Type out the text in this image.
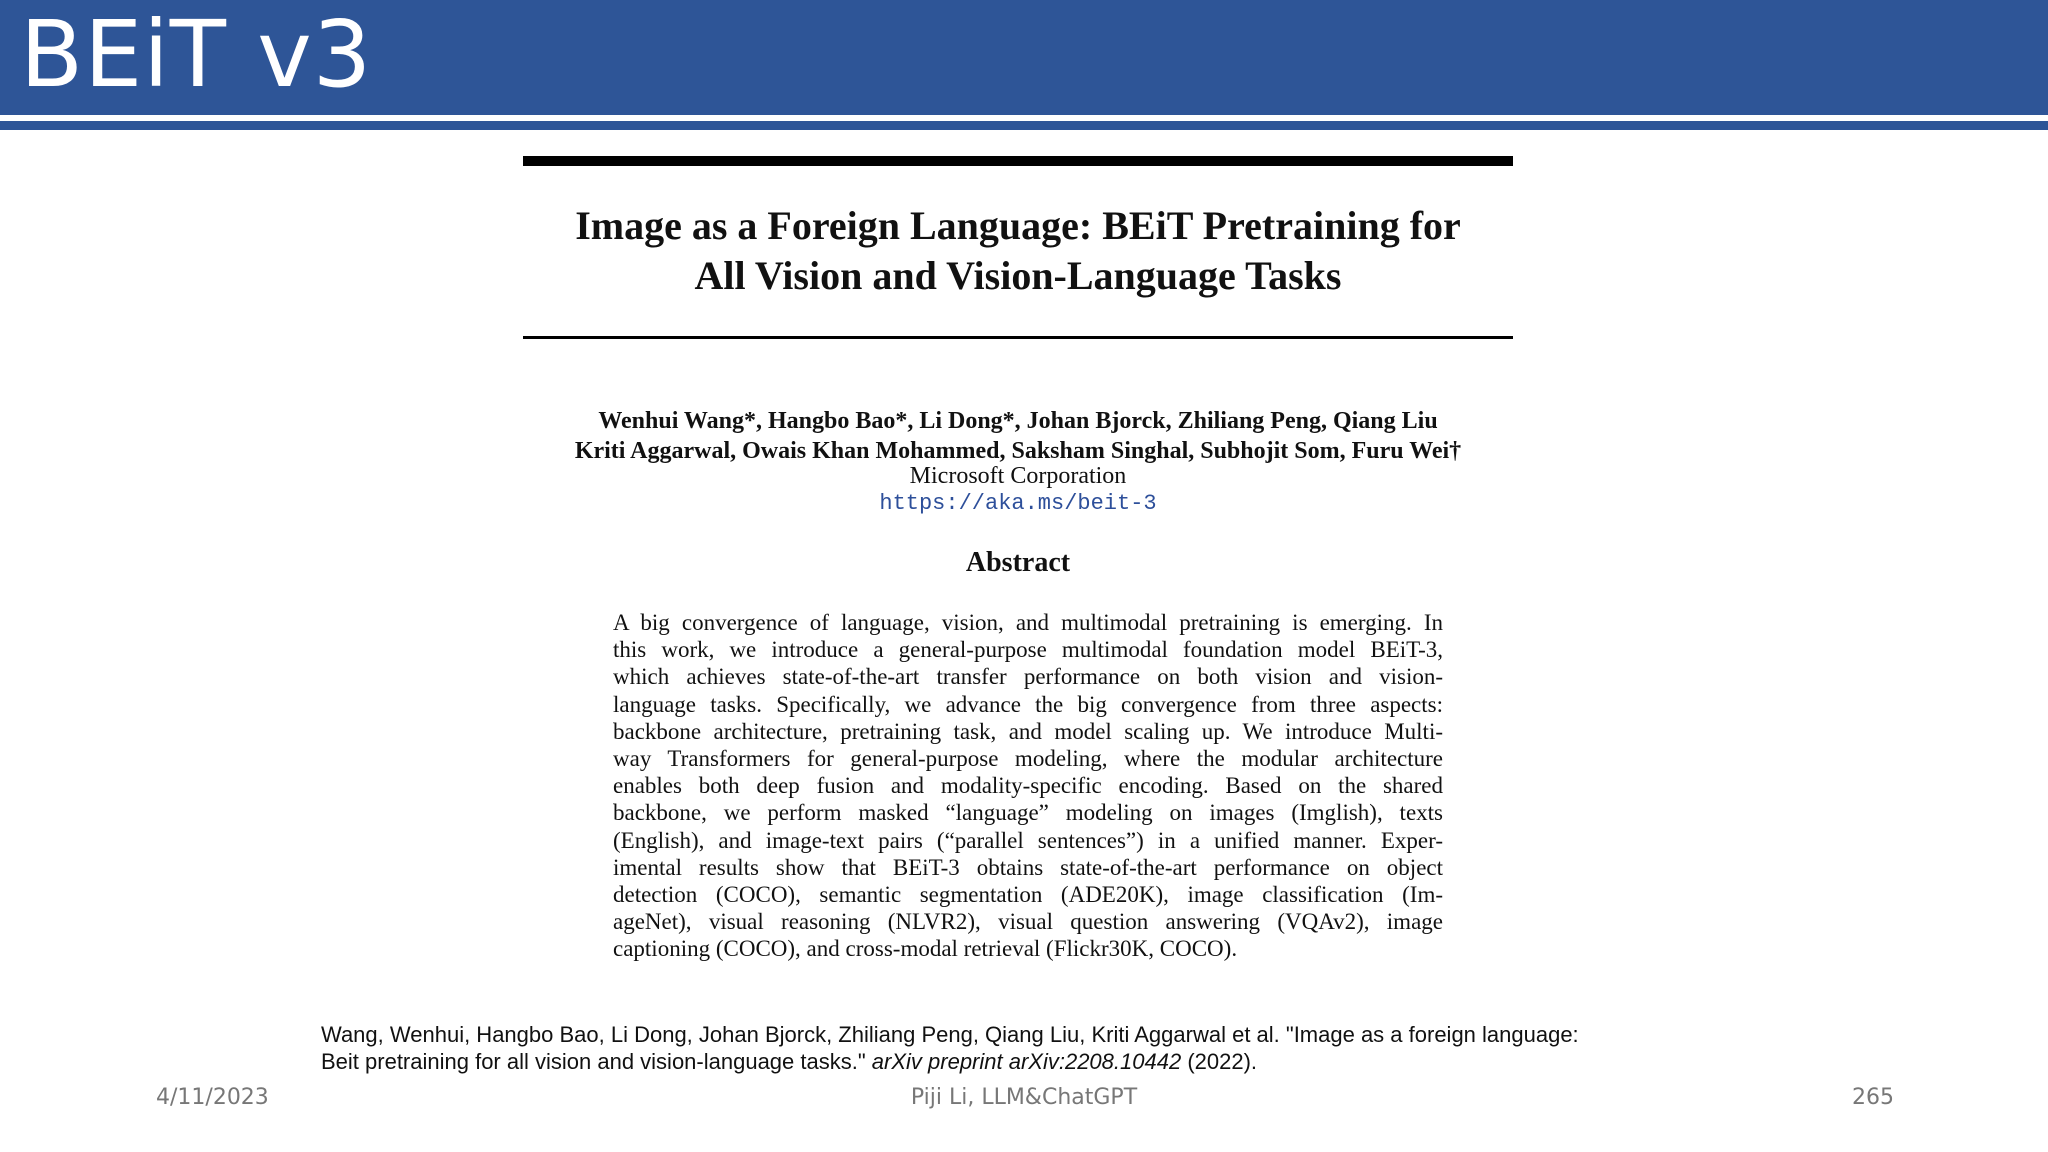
BEiT v3
Image as a Foreign Language: BEiT Pretraining for
All Vision and Vision-Language Tasks
Wenhui Wang*, Hangbo Bao*, Li Dong*, Johan Bjorck, Zhiliang Peng, Qiang Liu
Kriti Aggarwal, Owais Khan Mohammed, Saksham Singhal, Subhojit Som, Furu Wei†
Microsoft Corporation
https://aka.ms/beit-3
Abstract
A big convergence of language, vision, and multimodal pretraining is emerging. In
this work, we introduce a general-purpose multimodal foundation model BEiT-3,
which achieves state-of-the-art transfer performance on both vision and vision-
language tasks. Specifically, we advance the big convergence from three aspects:
backbone architecture, pretraining task, and model scaling up. We introduce Multi-
way Transformers for general-purpose modeling, where the modular architecture
enables both deep fusion and modality-specific encoding. Based on the shared
backbone, we perform masked “language” modeling on images (Imglish), texts
(English), and image-text pairs (“parallel sentences”) in a unified manner. Exper-
imental results show that BEiT-3 obtains state-of-the-art performance on object
detection (COCO), semantic segmentation (ADE20K), image classification (Im-
ageNet), visual reasoning (NLVR2), visual question answering (VQAv2), image
captioning (COCO), and cross-modal retrieval (Flickr30K, COCO).
Wang, Wenhui, Hangbo Bao, Li Dong, Johan Bjorck, Zhiliang Peng, Qiang Liu, Kriti Aggarwal et al. "Image as a foreign language:
Beit pretraining for all vision and vision-language tasks." arXiv preprint arXiv:2208.10442 (2022).
4/11/2023	Piji Li, LLM&ChatGPT	265
